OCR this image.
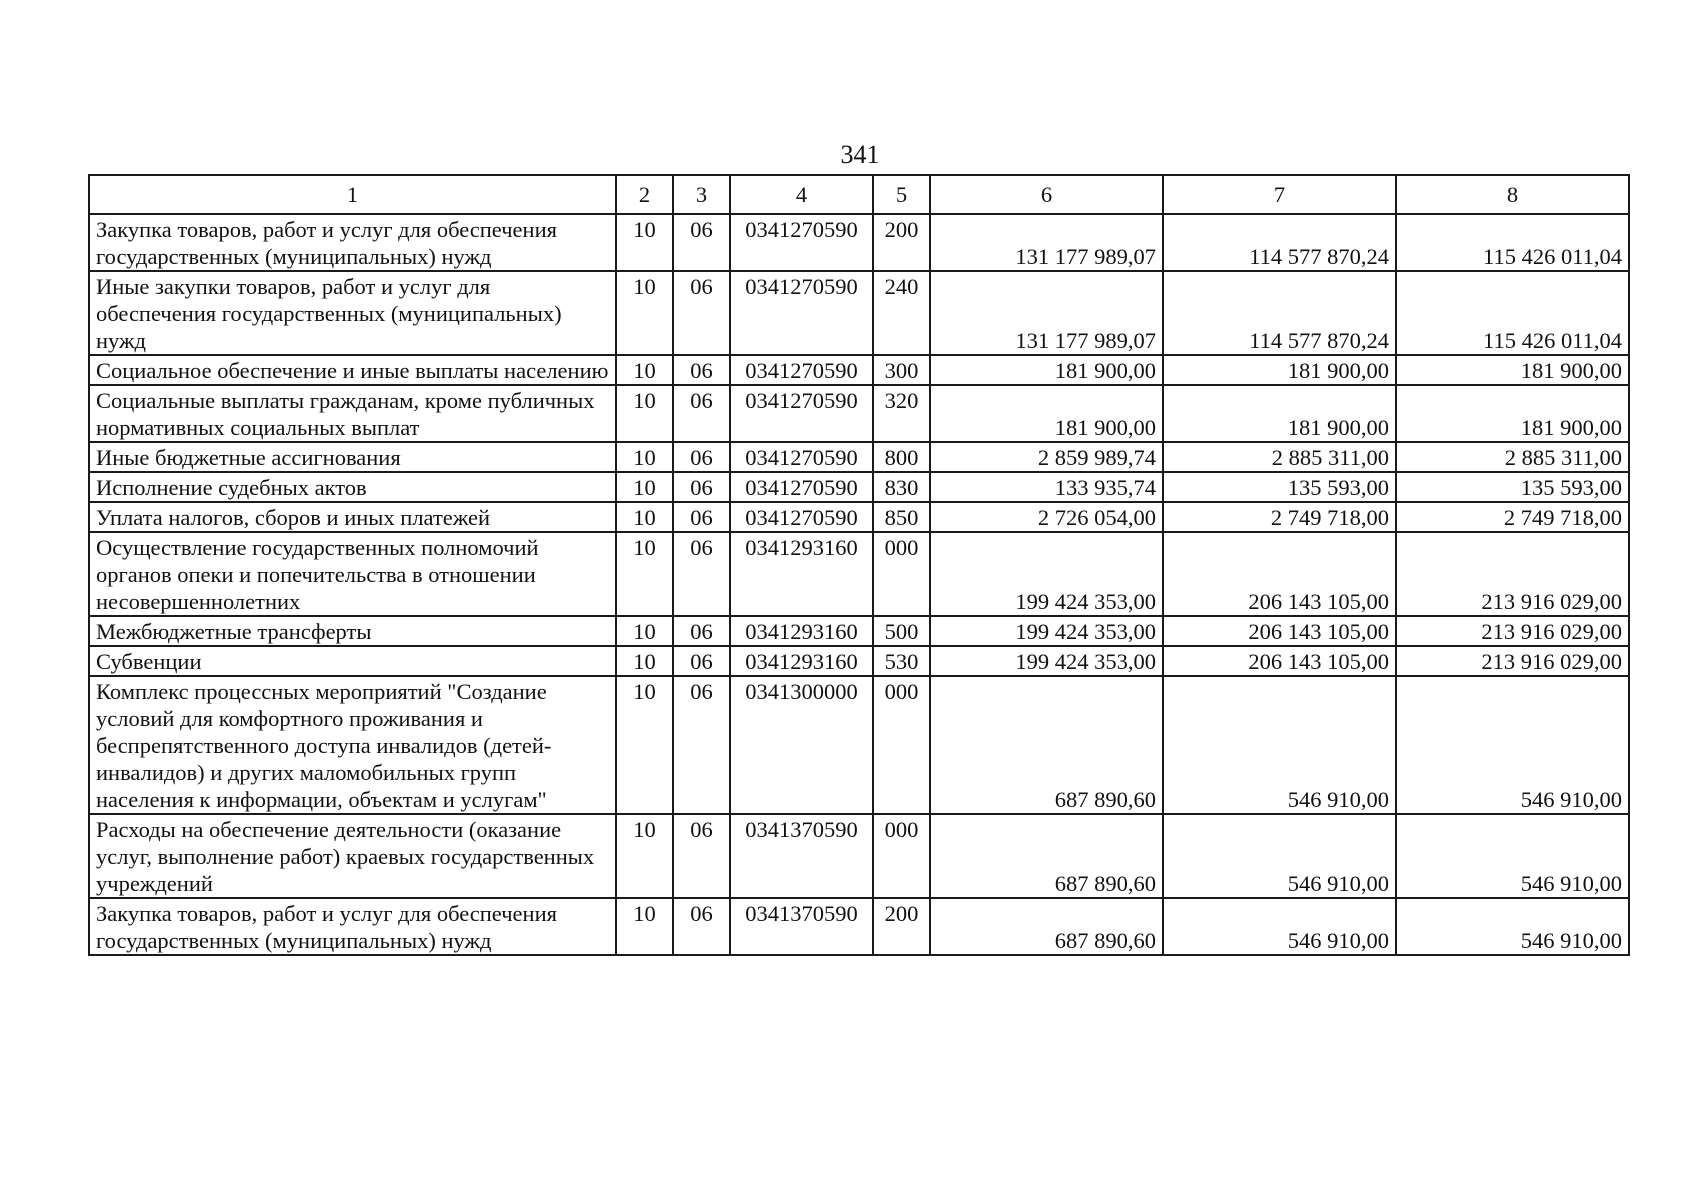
341
1	2	3	4	5	6	7	8
Закупка товаров, работ и услуг для обеспечения государственных (муниципальных) нужд	10	06	0341270590	200	131 177 989,07	114 577 870,24	115 426 011,04
Иные закупки товаров, работ и услуг для обеспечения государственных (муниципальных) нужд	10	06	0341270590	240	131 177 989,07	114 577 870,24	115 426 011,04
Социальное обеспечение и иные выплаты населению	10	06	0341270590	300	181 900,00	181 900,00	181 900,00
Социальные выплаты гражданам, кроме публичных нормативных социальных выплат	10	06	0341270590	320	181 900,00	181 900,00	181 900,00
Иные бюджетные ассигнования	10	06	0341270590	800	2 859 989,74	2 885 311,00	2 885 311,00
Исполнение судебных актов	10	06	0341270590	830	133 935,74	135 593,00	135 593,00
Уплата налогов, сборов и иных платежей	10	06	0341270590	850	2 726 054,00	2 749 718,00	2 749 718,00
Осуществление государственных полномочий органов опеки и попечительства в отношении несовершеннолетних	10	06	0341293160	000	199 424 353,00	206 143 105,00	213 916 029,00
Межбюджетные трансферты	10	06	0341293160	500	199 424 353,00	206 143 105,00	213 916 029,00
Субвенции	10	06	0341293160	530	199 424 353,00	206 143 105,00	213 916 029,00
Комплекс процессных мероприятий "Создание условий для комфортного проживания и беспрепятственного доступа инвалидов (детей-инвалидов) и других маломобильных групп населения к информации, объектам и услугам"	10	06	0341300000	000	687 890,60	546 910,00	546 910,00
Расходы на обеспечение деятельности (оказание услуг, выполнение работ) краевых государственных учреждений	10	06	0341370590	000	687 890,60	546 910,00	546 910,00
Закупка товаров, работ и услуг для обеспечения государственных (муниципальных) нужд	10	06	0341370590	200	687 890,60	546 910,00	546 910,00
